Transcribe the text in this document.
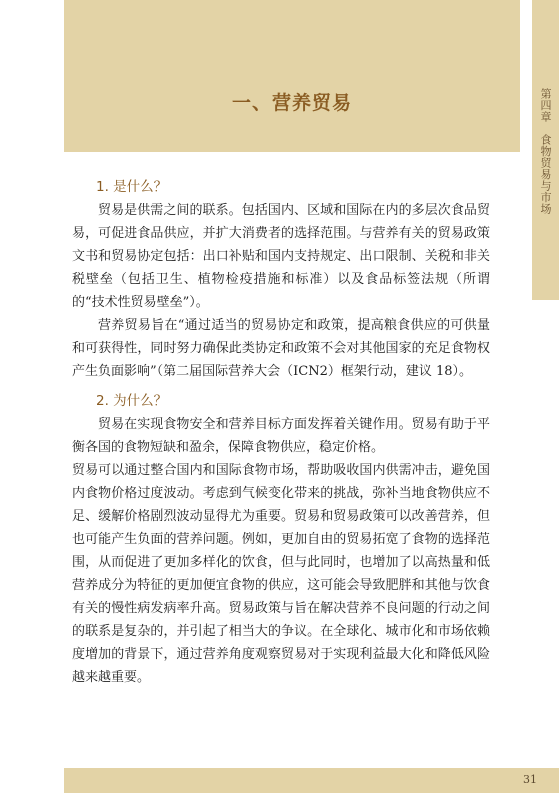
一、营养贸易	第四章　食物贸易与市场
1. 是什么？

贸易是供需之间的联系。包括国内、区域和国际在内的多层次食品贸易，可促进食品供应，并扩大消费者的选择范围。与营养有关的贸易政策文书和贸易协定包括：出口补贴和国内支持规定、出口限制、关税和非关税壁垒（包括卫生、植物检疫措施和标准）以及食品标签法规（所谓的“技术性贸易壁垒”）。

营养贸易旨在“通过适当的贸易协定和政策，提高粮食供应的可供量和可获得性，同时努力确保此类协定和政策不会对其他国家的充足食物权产生负面影响”（第二届国际营养大会（ICN2）框架行动，建议 18）。

2. 为什么？

贸易在实现食物安全和营养目标方面发挥着关键作用。贸易有助于平衡各国的食物短缺和盈余，保障食物供应，稳定价格。

贸易可以通过整合国内和国际食物市场，帮助吸收国内供需冲击，避免国内食物价格过度波动。考虑到气候变化带来的挑战，弥补当地食物供应不足、缓解价格剧烈波动显得尤为重要。贸易和贸易政策可以改善营养，但也可能产生负面的营养问题。例如，更加自由的贸易拓宽了食物的选择范围，从而促进了更加多样化的饮食，但与此同时，也增加了以高热量和低营养成分为特征的更加便宜食物的供应，这可能会导致肥胖和其他与饮食有关的慢性病发病率升高。贸易政策与旨在解决营养不良问题的行动之间的联系是复杂的，并引起了相当大的争议。在全球化、城市化和市场依赖度增加的背景下，通过营养角度观察贸易对于实现利益最大化和降低风险越来越重要。

31
